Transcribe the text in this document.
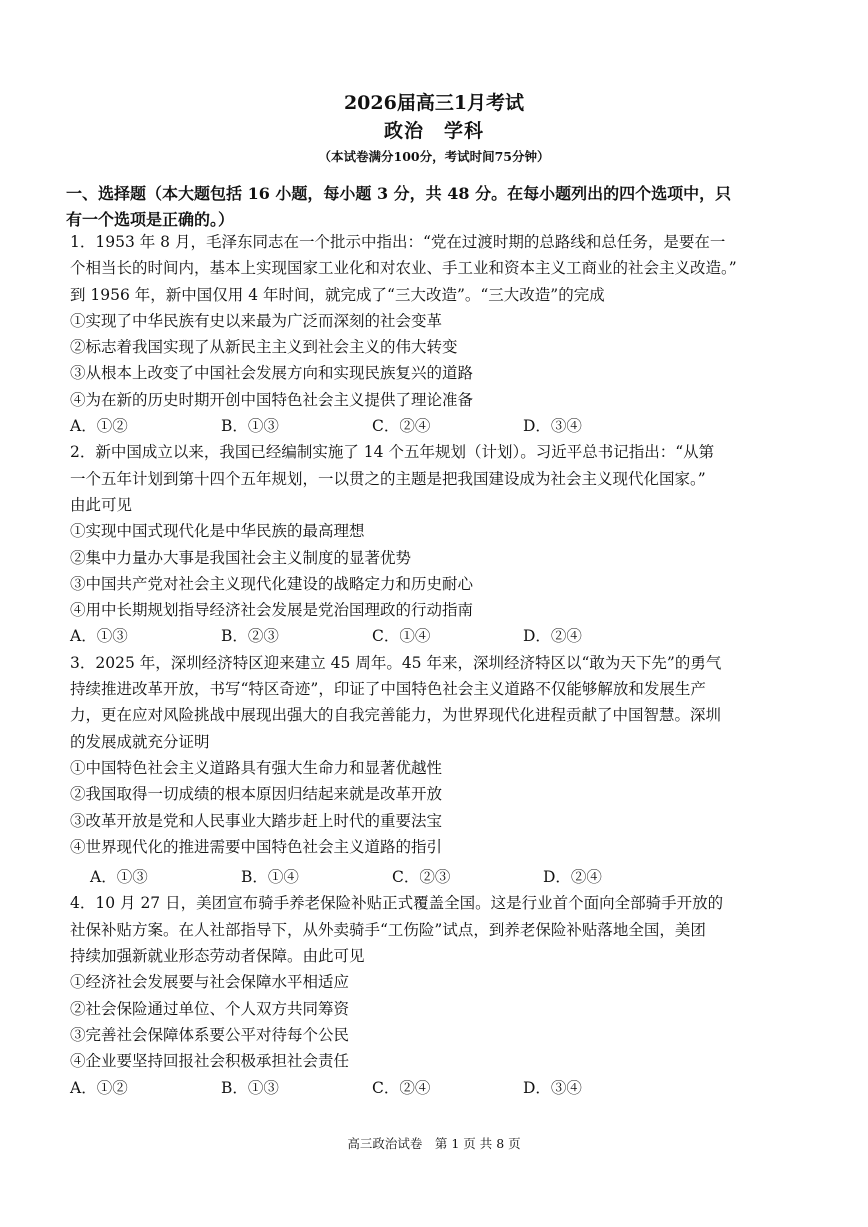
2026届高三1月考试
政治　学科
（本试卷满分100分，考试时间75分钟）
一、选择题（本大题包括 16 小题，每小题 3 分，共 48 分。在每小题列出的四个选项中，只
有一个选项是正确的。）
1．1953 年 8 月，毛泽东同志在一个批示中指出：“党在过渡时期的总路线和总任务，是要在一
个相当长的时间内，基本上实现国家工业化和对农业、手工业和资本主义工商业的社会主义改造。”
到 1956 年，新中国仅用 4 年时间，就完成了“三大改造”。“三大改造”的完成
①实现了中华民族有史以来最为广泛而深刻的社会变革
②标志着我国实现了从新民主主义到社会主义的伟大转变
③从根本上改变了中国社会发展方向和实现民族复兴的道路
④为在新的历史时期开创中国特色社会主义提供了理论准备
A．①②	B．①③	C．②④	D．③④
2．新中国成立以来，我国已经编制实施了 14 个五年规划（计划）。习近平总书记指出：“从第
一个五年计划到第十四个五年规划，一以贯之的主题是把我国建设成为社会主义现代化国家。”
由此可见
①实现中国式现代化是中华民族的最高理想
②集中力量办大事是我国社会主义制度的显著优势
③中国共产党对社会主义现代化建设的战略定力和历史耐心
④用中长期规划指导经济社会发展是党治国理政的行动指南
A．①③	B．②③	C．①④	D．②④
3．2025 年，深圳经济特区迎来建立 45 周年。45 年来，深圳经济特区以“敢为天下先”的勇气
持续推进改革开放，书写“特区奇迹”，印证了中国特色社会主义道路不仅能够解放和发展生产
力，更在应对风险挑战中展现出强大的自我完善能力，为世界现代化进程贡献了中国智慧。深圳
的发展成就充分证明
①中国特色社会主义道路具有强大生命力和显著优越性
②我国取得一切成绩的根本原因归结起来就是改革开放
③改革开放是党和人民事业大踏步赶上时代的重要法宝
④世界现代化的推进需要中国特色社会主义道路的指引
A．①③	B．①④	C．②③	D．②④
4．10 月 27 日，美团宣布骑手养老保险补贴正式覆盖全国。这是行业首个面向全部骑手开放的
社保补贴方案。在人社部指导下，从外卖骑手“工伤险”试点，到养老保险补贴落地全国，美团
持续加强新就业形态劳动者保障。由此可见
①经济社会发展要与社会保障水平相适应
②社会保险通过单位、个人双方共同筹资
③完善社会保障体系要公平对待每个公民
④企业要坚持回报社会积极承担社会责任
A．①②	B．①③	C．②④	D．③④
高三政治试卷　第 1 页 共 8 页
